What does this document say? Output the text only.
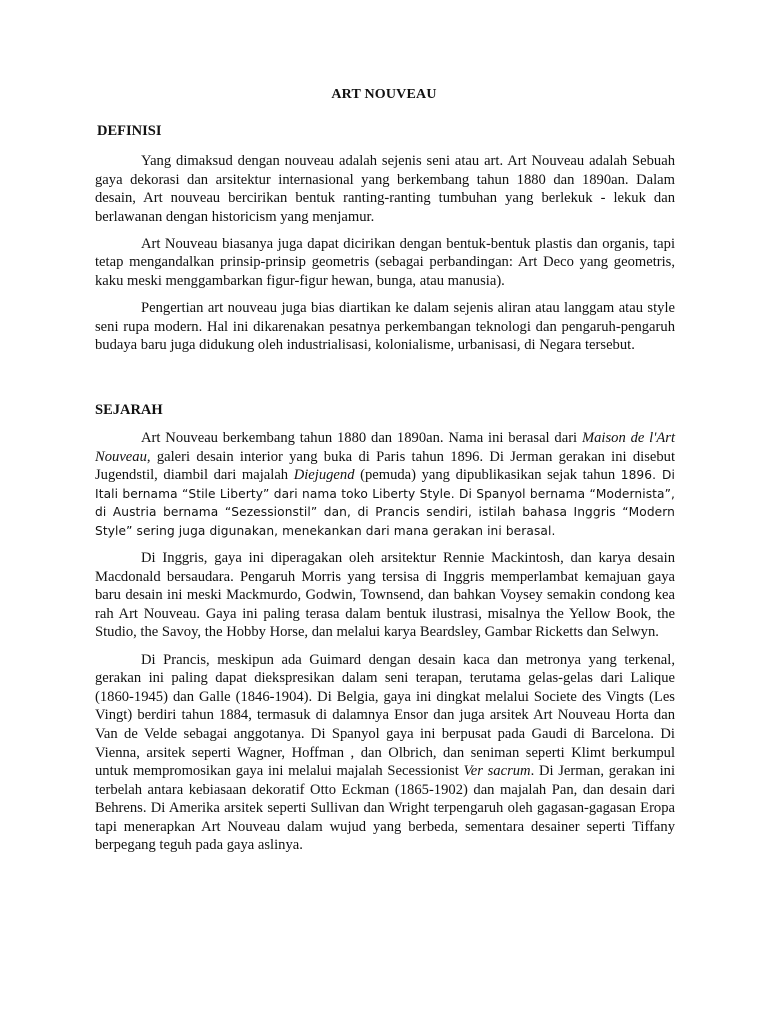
ART NOUVEAU
DEFINISI

Yang dimaksud dengan nouveau adalah sejenis seni atau art. Art Nouveau adalah Sebuah gaya dekorasi dan arsitektur internasional yang berkembang tahun 1880 dan 1890an. Dalam desain, Art nouveau bercirikan bentuk ranting-ranting tumbuhan yang berlekuk - lekuk dan berlawanan dengan historicism yang menjamur.

Art Nouveau biasanya juga dapat dicirikan dengan bentuk-bentuk plastis dan organis, tapi tetap mengandalkan prinsip-prinsip geometris (sebagai perbandingan: Art Deco yang geometris, kaku meski menggambarkan figur-figur hewan, bunga, atau manusia).

Pengertian art nouveau juga bias diartikan ke dalam sejenis aliran atau langgam atau style seni rupa modern. Hal ini dikarenakan pesatnya perkembangan teknologi dan pengaruh-pengaruh budaya baru juga didukung oleh industrialisasi, kolonialisme, urbanisasi, di Negara tersebut.

SEJARAH

Art Nouveau berkembang tahun 1880 dan 1890an. Nama ini berasal dari Maison de l'Art Nouveau, galeri desain interior yang buka di Paris tahun 1896. Di Jerman gerakan ini disebut Jugendstil, diambil dari majalah Diejugend (pemuda) yang dipublikasikan sejak tahun 1896. Di Itali bernama “Stile Liberty” dari nama toko Liberty Style. Di Spanyol bernama “Modernista”, di Austria bernama “Sezessionstil” dan, di Prancis sendiri, istilah bahasa Inggris “Modern Style” sering juga digunakan, menekankan dari mana gerakan ini berasal.

Di Inggris, gaya ini diperagakan oleh arsitektur Rennie Mackintosh, dan karya desain Macdonald bersaudara. Pengaruh Morris yang tersisa di Inggris memperlambat kemajuan gaya baru desain ini meski Mackmurdo, Godwin, Townsend, dan bahkan Voysey semakin condong kea rah Art Nouveau. Gaya ini paling terasa dalam bentuk ilustrasi, misalnya the Yellow Book, the Studio, the Savoy, the Hobby Horse, dan melalui karya Beardsley, Gambar Ricketts dan Selwyn.

Di Prancis, meskipun ada Guimard dengan desain kaca dan metronya yang terkenal, gerakan ini paling dapat diekspresikan dalam seni terapan, terutama gelas-gelas dari Lalique (1860-1945) dan Galle (1846-1904). Di Belgia, gaya ini dingkat melalui Societe des Vingts (Les Vingt) berdiri tahun 1884, termasuk di dalamnya Ensor dan juga arsitek Art Nouveau Horta dan Van de Velde sebagai anggotanya. Di Spanyol gaya ini berpusat pada Gaudi di Barcelona. Di Vienna, arsitek seperti Wagner, Hoffman , dan Olbrich, dan seniman seperti Klimt berkumpul untuk mempromosikan gaya ini melalui majalah Secessionist Ver sacrum. Di Jerman, gerakan ini terbelah antara kebiasaan dekoratif Otto Eckman (1865-1902) dan majalah Pan, dan desain dari Behrens. Di Amerika arsitek seperti Sullivan dan Wright terpengaruh oleh gagasan-gagasan Eropa tapi menerapkan Art Nouveau dalam wujud yang berbeda, sementara desainer seperti Tiffany berpegang teguh pada gaya aslinya.
